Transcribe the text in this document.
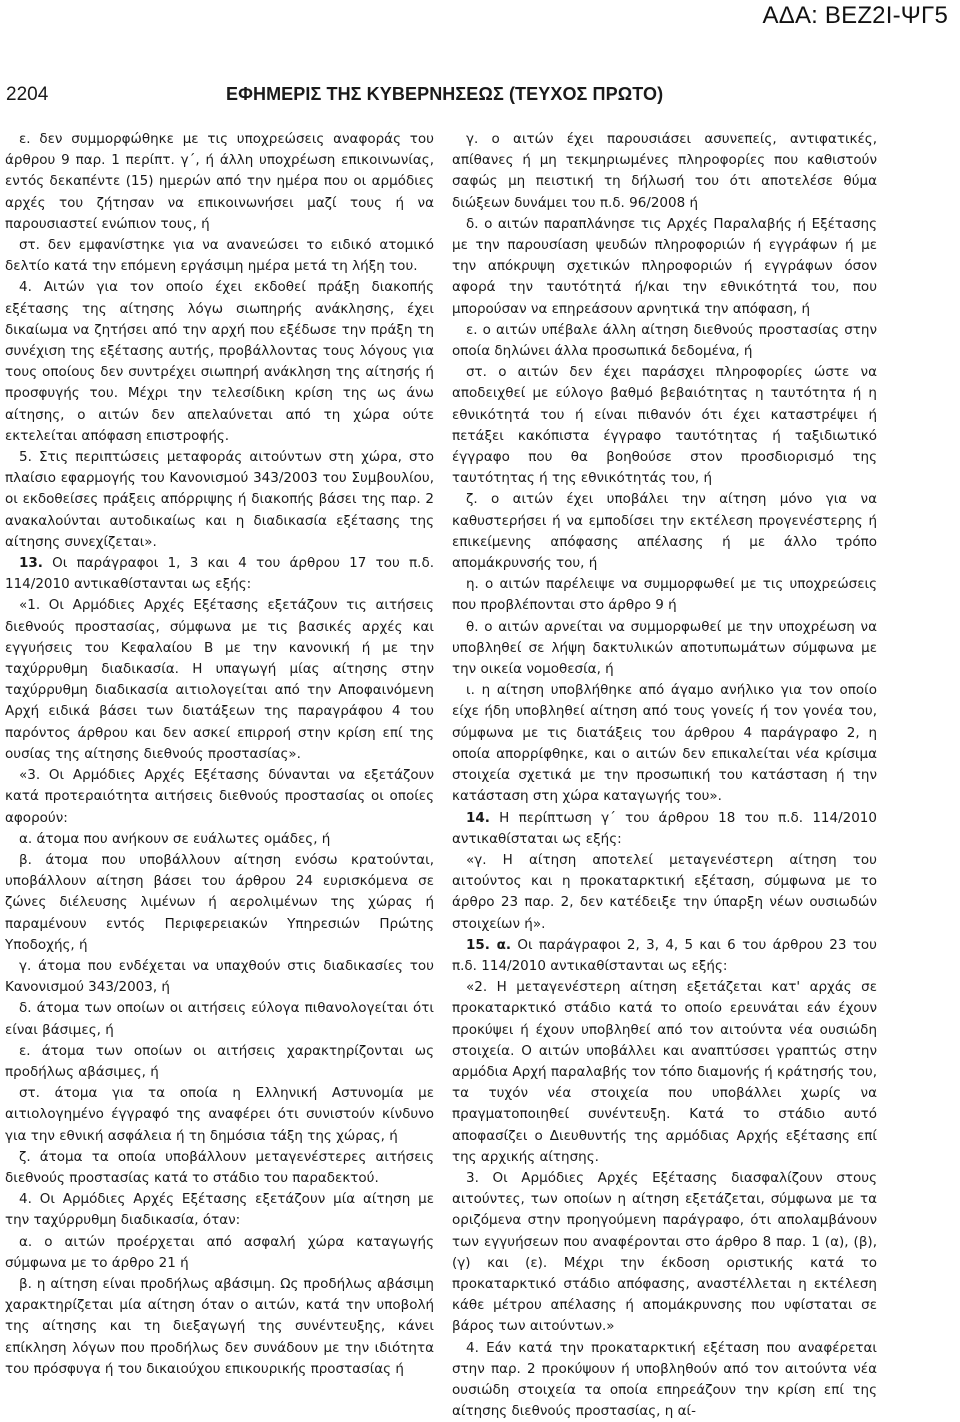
ΑΔΑ: ΒΕΖ2Ι-ΨΓ5
2204	ΕΦΗΜΕΡΙΣ ΤΗΣ ΚΥΒΕΡΝΗΣΕΩΣ (ΤΕΥΧΟΣ ΠΡΩΤΟ)

ε. δεν συμμορφώθηκε με τις υποχρεώσεις αναφοράς του άρθρου 9 παρ. 1 περίπτ. γ΄, ή άλλη υποχρέωση επικοινωνίας, εντός δεκαπέντε (15) ημερών από την ημέρα που οι αρμόδιες αρχές του ζήτησαν να επικοινωνήσει μαζί τους ή να παρουσιαστεί ενώπιον τους, ή

στ. δεν εμφανίστηκε για να ανανεώσει το ειδικό ατομικό δελτίο κατά την επόμενη εργάσιμη ημέρα μετά τη λήξη του.

4. Αιτών για τον οποίο έχει εκδοθεί πράξη διακοπής εξέτασης της αίτησης λόγω σιωπηρής ανάκλησης, έχει δικαίωμα να ζητήσει από την αρχή που εξέδωσε την πράξη τη συνέχιση της εξέτασης αυτής, προβάλλοντας τους λόγους για τους οποίους δεν συντρέχει σιωπηρή ανάκληση της αίτησής ή προσφυγής του. Μέχρι την τελεσίδικη κρίση της ως άνω αίτησης, ο αιτών δεν απελαύνεται από τη χώρα ούτε εκτελείται απόφαση επιστροφής.

5. Στις περιπτώσεις μεταφοράς αιτούντων στη χώρα, στο πλαίσιο εφαρμογής του Κανονισμού 343/2003 του Συμβουλίου, οι εκδοθείσες πράξεις απόρριψης ή διακοπής βάσει της παρ. 2 ανακαλούνται αυτοδικαίως και η διαδικασία εξέτασης της αίτησης συνεχίζεται».

13. Οι παράγραφοι 1, 3 και 4 του άρθρου 17 του π.δ. 114/2010 αντικαθίστανται ως εξής:

«1. Οι Αρμόδιες Αρχές Εξέτασης εξετάζουν τις αιτήσεις διεθνούς προστασίας, σύμφωνα με τις βασικές αρχές και εγγυήσεις του Κεφαλαίου Β με την κανονική ή με την ταχύρρυθμη διαδικασία. Η υπαγωγή μίας αίτησης στην ταχύρρυθμη διαδικασία αιτιολογείται από την Αποφαινόμενη Αρχή ειδικά βάσει των διατάξεων της παραγράφου 4 του παρόντος άρθρου και δεν ασκεί επιρροή στην κρίση επί της ουσίας της αίτησης διεθνούς προστασίας».

«3. Οι Αρμόδιες Αρχές Εξέτασης δύνανται να εξετάζουν κατά προτεραιότητα αιτήσεις διεθνούς προστασίας οι οποίες αφορούν:

α. άτομα που ανήκουν σε ευάλωτες ομάδες, ή

β. άτομα που υποβάλλουν αίτηση ενόσω κρατούνται, υποβάλλουν αίτηση βάσει του άρθρου 24 ευρισκόμενα σε ζώνες διέλευσης λιμένων ή αερολιμένων της χώρας ή παραμένουν εντός Περιφερειακών Υπηρεσιών Πρώτης Υποδοχής, ή

γ. άτομα που ενδέχεται να υπαχθούν στις διαδικασίες του Κανονισμού 343/2003, ή

δ. άτομα των οποίων οι αιτήσεις εύλογα πιθανολογείται ότι είναι βάσιμες, ή

ε. άτομα των οποίων οι αιτήσεις χαρακτηρίζονται ως προδήλως αβάσιμες, ή

στ. άτομα για τα οποία η Ελληνική Αστυνομία με αιτιολογημένο έγγραφό της αναφέρει ότι συνιστούν κίνδυνο για την εθνική ασφάλεια ή τη δημόσια τάξη της χώρας, ή

ζ. άτομα τα οποία υποβάλλουν μεταγενέστερες αιτήσεις διεθνούς προστασίας κατά το στάδιο του παραδεκτού.

4. Οι Αρμόδιες Αρχές Εξέτασης εξετάζουν μία αίτηση με την ταχύρρυθμη διαδικασία, όταν:

α. ο αιτών προέρχεται από ασφαλή χώρα καταγωγής σύμφωνα με το άρθρο 21 ή

β. η αίτηση είναι προδήλως αβάσιμη. Ως προδήλως αβάσιμη χαρακτηρίζεται μία αίτηση όταν ο αιτών, κατά την υποβολή της αίτησης και τη διεξαγωγή της συνέντευξης, κάνει επίκληση λόγων που προδήλως δεν συνάδουν με την ιδιότητα του πρόσφυγα ή του δικαιούχου επικουρικής προστασίας ή

γ. ο αιτών έχει παρουσιάσει ασυνεπείς, αντιφατικές, απίθανες ή μη τεκμηριωμένες πληροφορίες που καθιστούν σαφώς μη πειστική τη δήλωσή του ότι αποτελέσε θύμα διώξεων δυνάμει του π.δ. 96/2008 ή

δ. ο αιτών παραπλάνησε τις Αρχές Παραλαβής ή Εξέτασης με την παρουσίαση ψευδών πληροφοριών ή εγγράφων ή με την απόκρυψη σχετικών πληροφοριών ή εγγράφων όσον αφορά την ταυτότητά ή/και την εθνικότητά του, που μπορούσαν να επηρεάσουν αρνητικά την απόφαση, ή

ε. ο αιτών υπέβαλε άλλη αίτηση διεθνούς προστασίας στην οποία δηλώνει άλλα προσωπικά δεδομένα, ή

στ. ο αιτών δεν έχει παράσχει πληροφορίες ώστε να αποδειχθεί με εύλογο βαθμό βεβαιότητας η ταυτότητα ή η εθνικότητά του ή είναι πιθανόν ότι έχει καταστρέψει ή πετάξει κακόπιστα έγγραφο ταυτότητας ή ταξιδιωτικό έγγραφο που θα βοηθούσε στον προσδιορισμό της ταυτότητας ή της εθνικότητάς του, ή

ζ. ο αιτών έχει υποβάλει την αίτηση μόνο για να καθυστερήσει ή να εμποδίσει την εκτέλεση προγενέστερης ή επικείμενης απόφασης απέλασης ή με άλλο τρόπο απομάκρυνσής του, ή

η. ο αιτών παρέλειψε να συμμορφωθεί με τις υποχρεώσεις που προβλέπονται στο άρθρο 9 ή

θ. ο αιτών αρνείται να συμμορφωθεί με την υποχρέωση να υποβληθεί σε λήψη δακτυλικών αποτυπωμάτων σύμφωνα με την οικεία νομοθεσία, ή

ι. η αίτηση υποβλήθηκε από άγαμο ανήλικο για τον οποίο είχε ήδη υποβληθεί αίτηση από τους γονείς ή τον γονέα του, σύμφωνα με τις διατάξεις του άρθρου 4 παράγραφο 2, η οποία απορρίφθηκε, και ο αιτών δεν επικαλείται νέα κρίσιμα στοιχεία σχετικά με την προσωπική του κατάσταση ή την κατάσταση στη χώρα καταγωγής του».

14. Η περίπτωση γ΄ του άρθρου 18 του π.δ. 114/2010 αντικαθίσταται ως εξής:

«γ. Η αίτηση αποτελεί μεταγενέστερη αίτηση του αιτούντος και η προκαταρκτική εξέταση, σύμφωνα με το άρθρο 23 παρ. 2, δεν κατέδειξε την ύπαρξη νέων ουσιωδών στοιχείων ή».

15. α. Οι παράγραφοι 2, 3, 4, 5 και 6 του άρθρου 23 του π.δ. 114/2010 αντικαθίστανται ως εξής:

«2. Η μεταγενέστερη αίτηση εξετάζεται κατ' αρχάς σε προκαταρκτικό στάδιο κατά το οποίο ερευνάται εάν έχουν προκύψει ή έχουν υποβληθεί από τον αιτούντα νέα ουσιώδη στοιχεία. Ο αιτών υποβάλλει και αναπτύσσει γραπτώς στην αρμόδια Αρχή παραλαβής τον τόπο διαμονής ή κράτησής του, τα τυχόν νέα στοιχεία που υποβάλλει χωρίς να πραγματοποιηθεί συνέντευξη. Κατά το στάδιο αυτό αποφασίζει ο Διευθυντής της αρμόδιας Αρχής εξέτασης επί της αρχικής αίτησης.

3. Οι Αρμόδιες Αρχές Εξέτασης διασφαλίζουν στους αιτούντες, των οποίων η αίτηση εξετάζεται, σύμφωνα με τα οριζόμενα στην προηγούμενη παράγραφο, ότι απολαμβάνουν των εγγυήσεων που αναφέρονται στο άρθρο 8 παρ. 1 (α), (β), (γ) και (ε). Μέχρι την έκδοση οριστικής κατά το προκαταρκτικό στάδιο απόφασης, αναστέλλεται η εκτέλεση κάθε μέτρου απέλασης ή απομάκρυνσης που υφίσταται σε βάρος των αιτούντων.»

4. Εάν κατά την προκαταρκτική εξέταση που αναφέρεται στην παρ. 2 προκύψουν ή υποβληθούν από τον αιτούντα νέα ουσιώδη στοιχεία τα οποία επηρεάζουν την κρίση επί της αίτησης διεθνούς προστασίας, η αί-
